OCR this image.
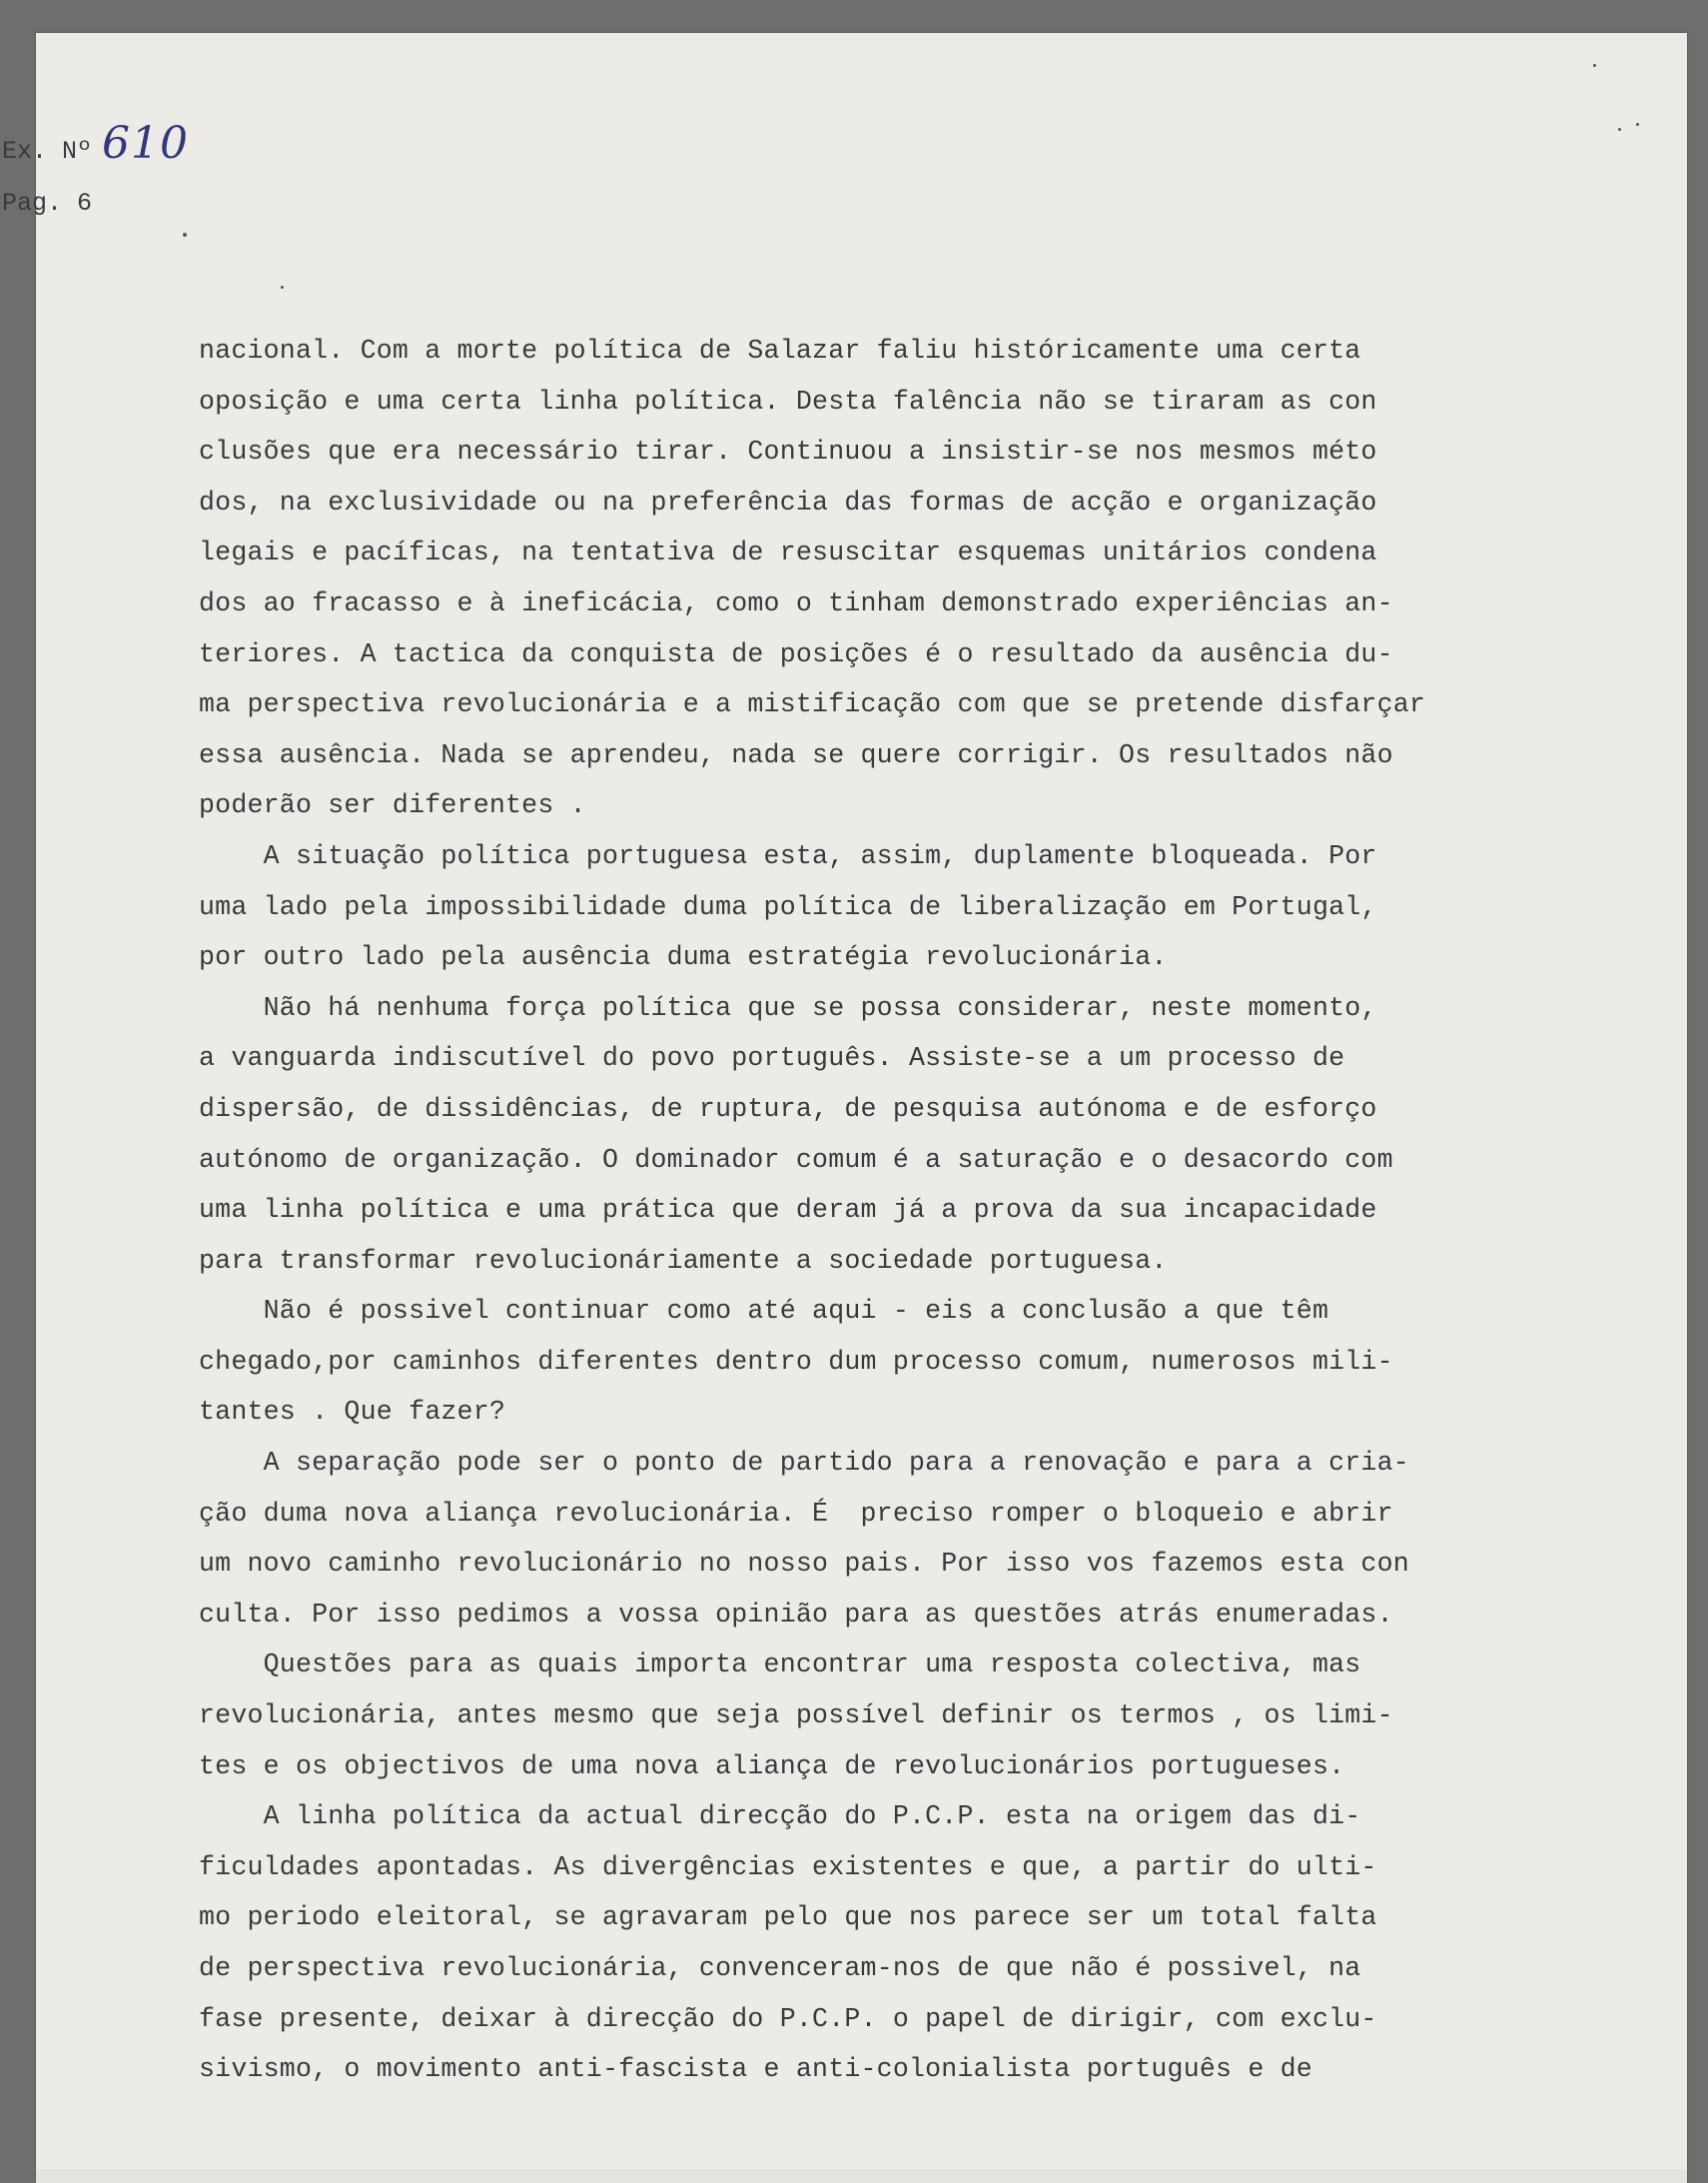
Ex. Nº 610
Pag. 6
nacional. Com a morte política de Salazar faliu históricamente uma certa
oposição e uma certa linha política. Desta falência não se tiraram as con
clusões que era necessário tirar. Continuou a insistir-se nos mesmos méto
dos, na exclusividade ou na preferência das formas de acção e organização
legais e pacíficas, na tentativa de resuscitar esquemas unitários condena
dos ao fracasso e à ineficácia, como o tinham demonstrado experiências an-
teriores. A tactica da conquista de posições é o resultado da ausência du-
ma perspectiva revolucionária e a mistificação com que se pretende disfarçar
essa ausência. Nada se aprendeu, nada se quere corrigir. Os resultados não
poderão ser diferentes .
A situação política portuguesa esta, assim, duplamente bloqueada. Por
uma lado pela impossibilidade duma política de liberalização em Portugal,
por outro lado pela ausência duma estratégia revolucionária.
Não há nenhuma força política que se possa considerar, neste momento,
a vanguarda indiscutível do povo português. Assiste-se a um processo de
dispersão, de dissidências, de ruptura, de pesquisa autónoma e de esforço
autónomo de organização. O dominador comum é a saturação e o desacordo com
uma linha política e uma prática que deram já a prova da sua incapacidade
para transformar revolucionáriamente a sociedade portuguesa.
Não é possivel continuar como até aqui - eis a conclusão a que têm
chegado,por caminhos diferentes dentro dum processo comum, numerosos mili-
tantes . Que fazer?
A separação pode ser o ponto de partido para a renovação e para a cria-
ção duma nova aliança revolucionária. É  preciso romper o bloqueio e abrir
um novo caminho revolucionário no nosso pais. Por isso vos fazemos esta con
culta. Por isso pedimos a vossa opinião para as questões atrás enumeradas.
Questões para as quais importa encontrar uma resposta colectiva, mas
revolucionária, antes mesmo que seja possível definir os termos , os limi-
tes e os objectivos de uma nova aliança de revolucionários portugueses.
A linha política da actual direcção do P.C.P. esta na origem das di-
ficuldades apontadas. As divergências existentes e que, a partir do ulti-
mo periodo eleitoral, se agravaram pelo que nos parece ser um total falta
de perspectiva revolucionária, convenceram-nos de que não é possivel, na
fase presente, deixar à direcção do P.C.P. o papel de dirigir, com exclu-
sivismo, o movimento anti-fascista e anti-colonialista português e de
